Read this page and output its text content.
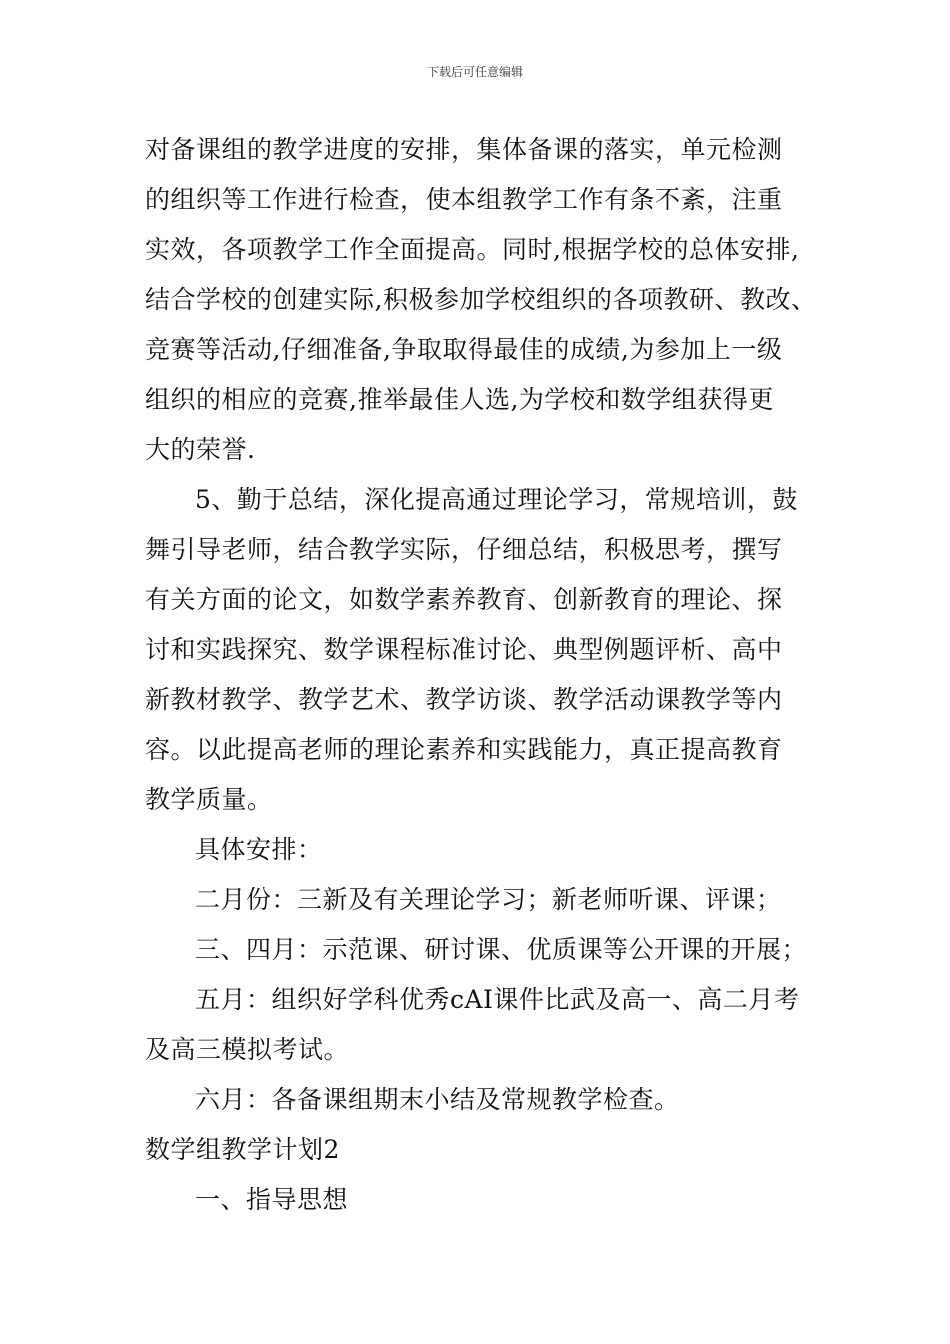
下载后可任意编辑
对备课组的教学进度的安排，集体备课的落实，单元检测
的组织等工作进行检查，使本组教学工作有条不紊，注重
实效，各项教学工作全面提高。同时,根据学校的总体安排,
结合学校的创建实际,积极参加学校组织的各项教研、教改、
竞赛等活动,仔细准备,争取取得最佳的成绩,为参加上一级
组织的相应的竞赛,推举最佳人选,为学校和数学组获得更
大的荣誉.
5、勤于总结，深化提高通过理论学习，常规培训，鼓
舞引导老师，结合教学实际，仔细总结，积极思考，撰写
有关方面的论文，如数学素养教育、创新教育的理论、探
讨和实践探究、数学课程标准讨论、典型例题评析、高中
新教材教学、教学艺术、教学访谈、教学活动课教学等内
容。以此提高老师的理论素养和实践能力，真正提高教育
教学质量。
具体安排：
二月份：三新及有关理论学习；新老师听课、评课；
三、四月：示范课、研讨课、优质课等公开课的开展；
五月：组织好学科优秀cAI课件比武及高一、高二月考
及高三模拟考试。
六月：各备课组期末小结及常规教学检查。
数学组教学计划2
一、指导思想
